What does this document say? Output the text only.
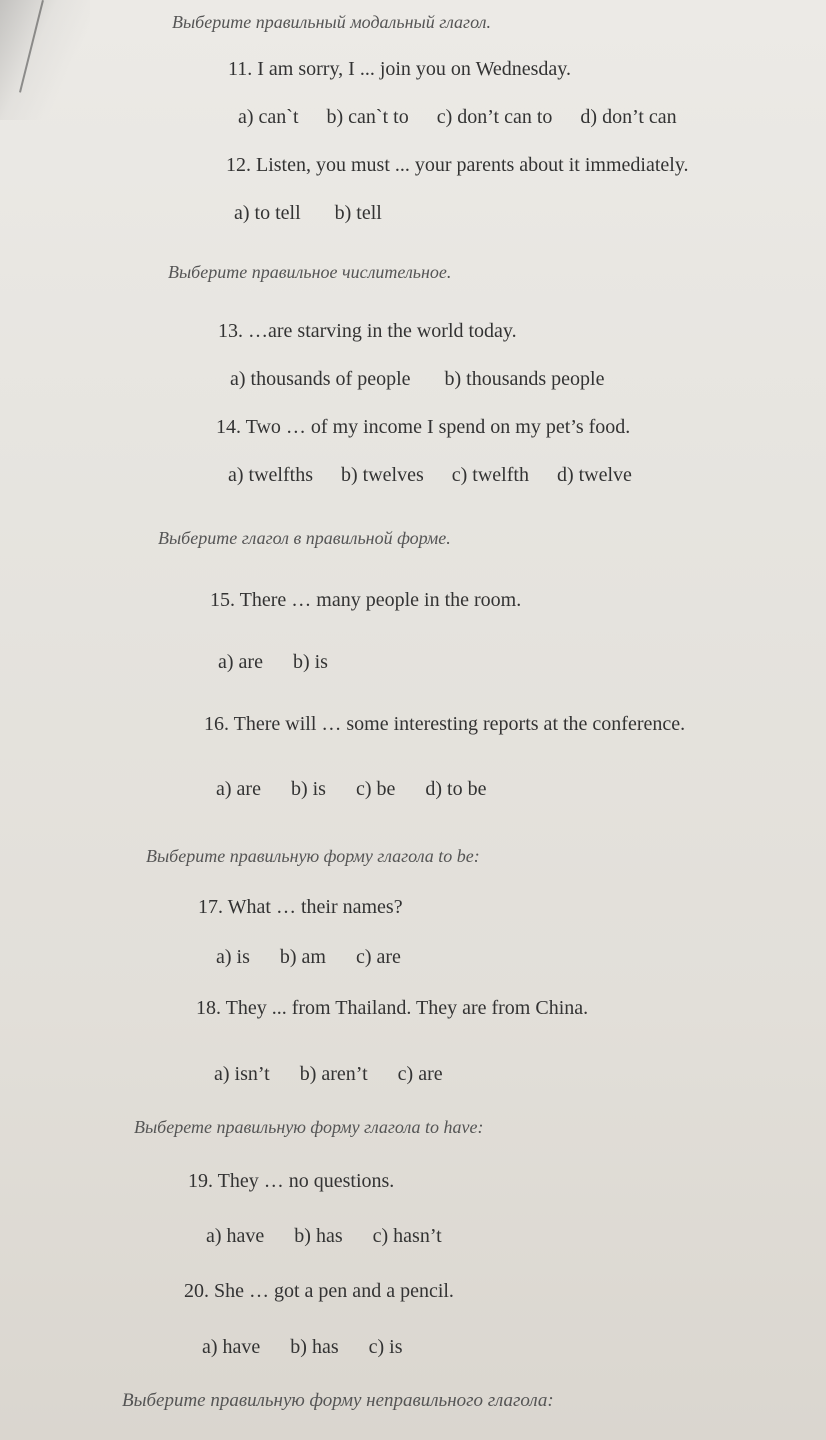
Выберите правильный модальный глагол.
11. I am sorry, I ... join you on Wednesday.
a) can`t b) can`t to c) don’t can to d) don’t can
12. Listen, you must ... your parents about it immediately.
a) to tell b) tell
Выберите правильное числительное.
13. …are starving in the world today.
a) thousands of people b) thousands people
14. Two … of my income I spend on my pet’s food.
a) twelfths b) twelves c) twelfth d) twelve
Выберите глагол в правильной форме.
15. There … many people in the room.
a) are b) is
16. There will … some interesting reports at the conference.
a) are b) is c) be d) to be
Выберите правильную форму глагола to be:
17. What … their names?
a) is b) am c) are
18. They ... from Thailand. They are from China.
a) isn’t b) aren’t c) are
Выберете правильную форму глагола to have:
19. They … no questions.
a) have b) has c) hasn’t
20. She … got a pen and a pencil.
a) have b) has c) is
Выберите правильную форму неправильного глагола:
